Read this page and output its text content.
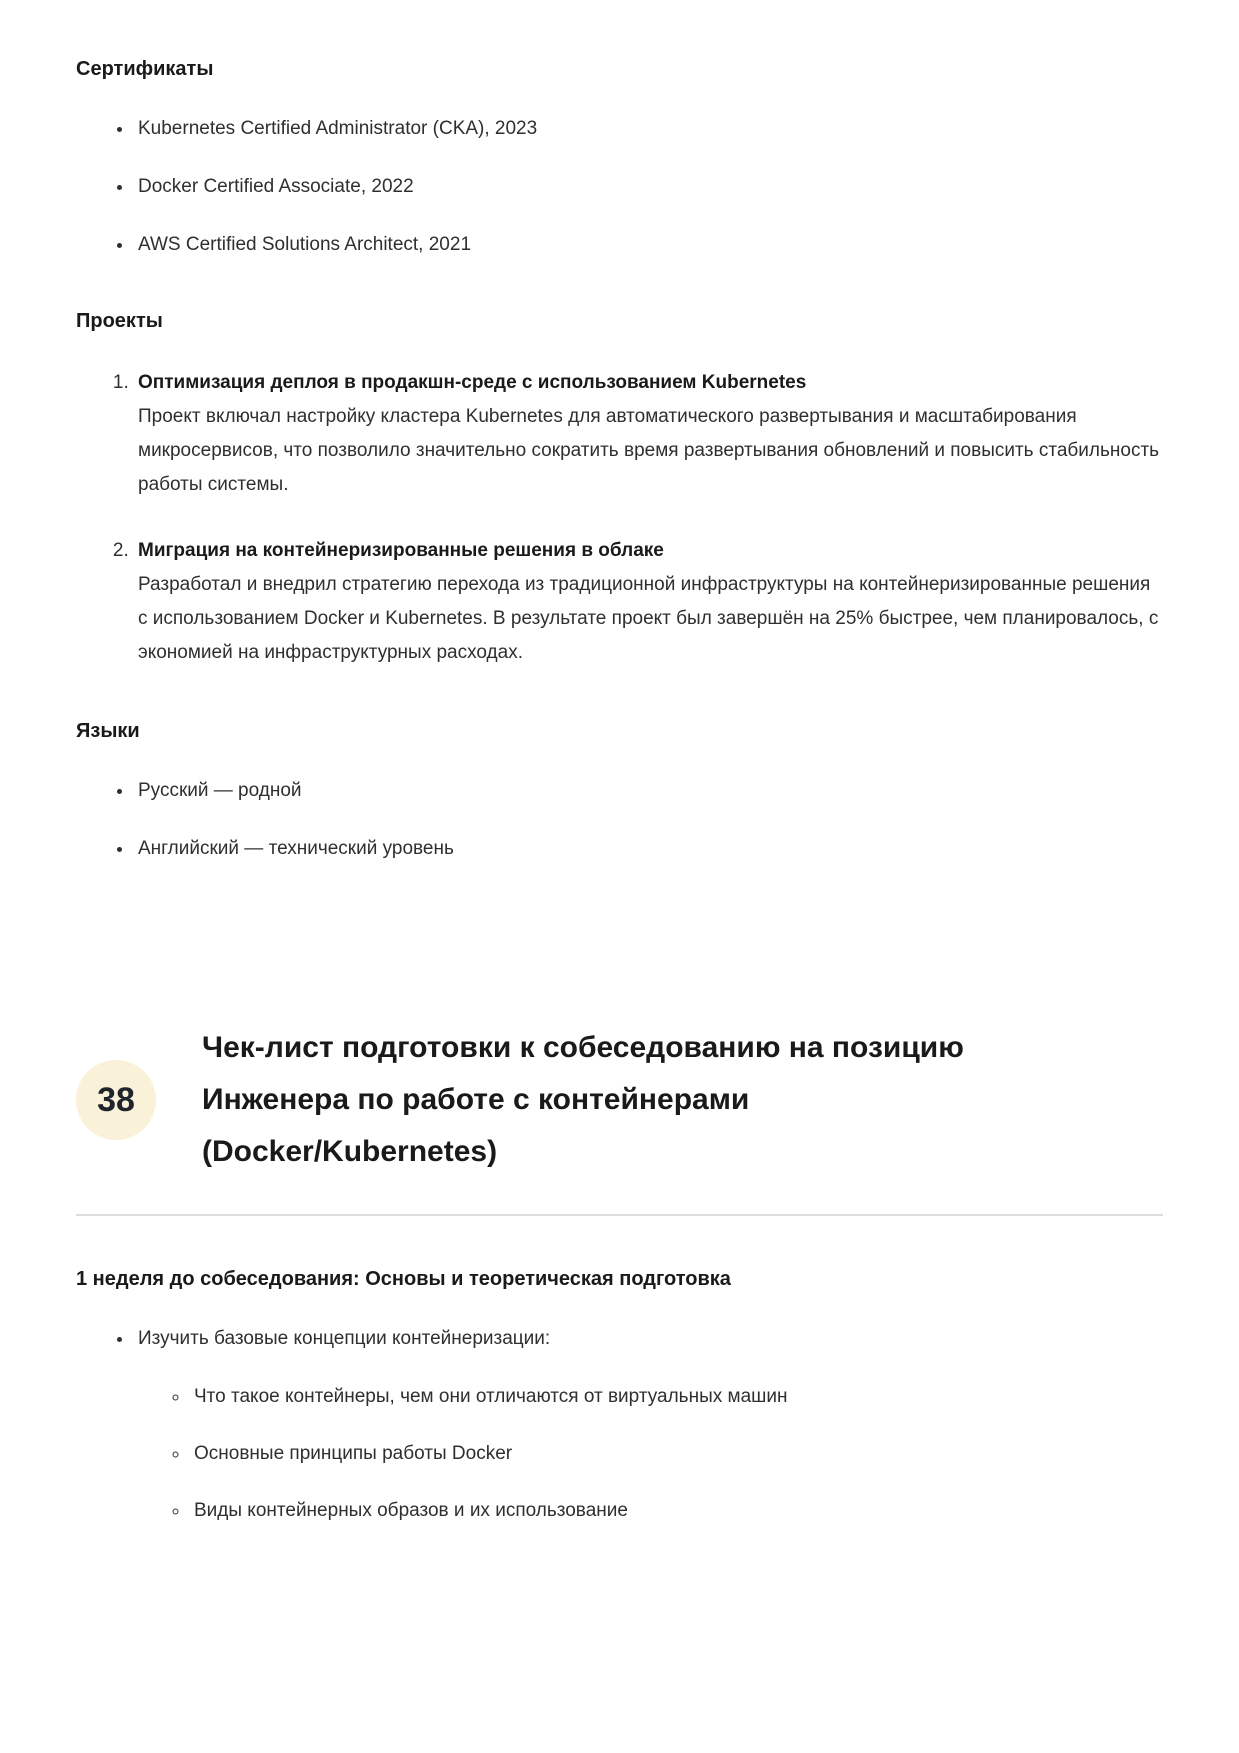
Сертификаты
• Kubernetes Certified Administrator (CKA), 2023
• Docker Certified Associate, 2022
• AWS Certified Solutions Architect, 2021
Проекты
1. Оптимизация деплоя в продакшн-среде с использованием Kubernetes
Проект включал настройку кластера Kubernetes для автоматического развертывания и масштабирования микросервисов, что позволило значительно сократить время развертывания обновлений и повысить стабильность работы системы.
2. Миграция на контейнеризированные решения в облаке
Разработал и внедрил стратегию перехода из традиционной инфраструктуры на контейнеризированные решения с использованием Docker и Kubernetes. В результате проект был завершён на 25% быстрее, чем планировалось, с экономией на инфраструктурных расходах.
Языки
• Русский — родной
• Английский — технический уровень
38
Чек-лист подготовки к собеседованию на позицию Инженера по работе с контейнерами (Docker/Kubernetes)
1 неделя до собеседования: Основы и теоретическая подготовка
• Изучить базовые концепции контейнеризации:
◦ Что такое контейнеры, чем они отличаются от виртуальных машин
◦ Основные принципы работы Docker
◦ Виды контейнерных образов и их использование
